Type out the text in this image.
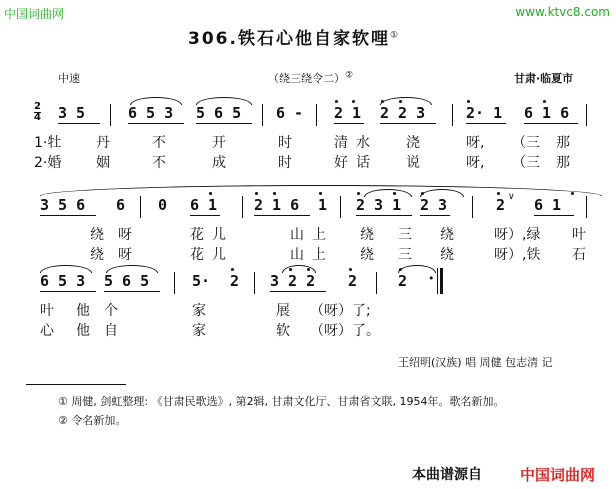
中国词曲网	www.ktvc8.com
306.铁石心他自家软哩①
中速	（绕三绕令二）②	甘肃·临夏市
2
4 3 5	6 5 3 5 6 5 6 - 2 1 2 2 3	2· 1 6 1 6
1·牡 丹	不	开	时	清 水	浇	呀, （三 那
2·婚 姻	不	成	时	好 话	说	呀, （三 那
3 5 6 6 0 6 1 2 1 6 1 2 3 1 2 3	2 ∨ 6 1
绕 呀	花 儿	山 上 绕 三 绕	呀）,绿 叶
绕 呀	花 儿	山 上 绕 三 绕	呀）,铁 石
6 5 3 5 6 5	5· 2 3 2 2 2	2 •
叶 他 个	家	展 （呀） 了;
心 他 自	家	软 （呀） 了。
王绍明(汉族) 唱 周健 包志清 记
① 周健, 剑虹整理: 《甘肃民歌选》, 第2辑, 甘肃文化厅、甘肃省文联, 1954年。歌名新加。
② 令名新加。
本曲谱源自	中国词曲网
